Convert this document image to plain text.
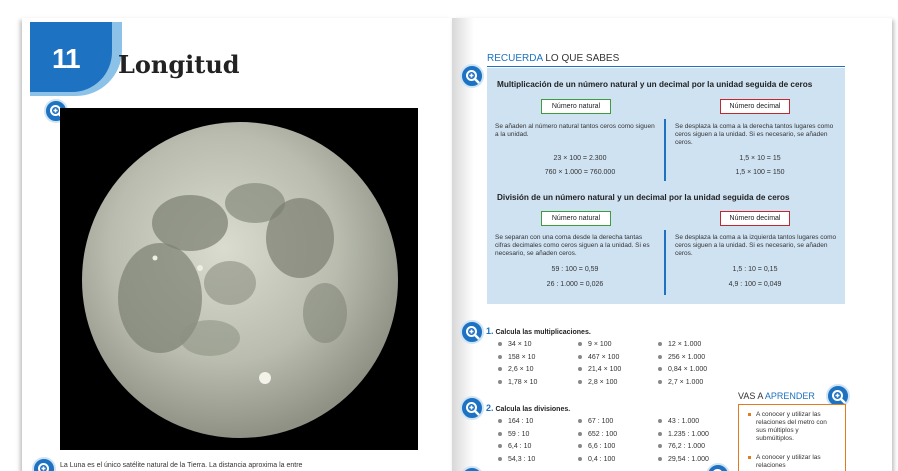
11 Longitud
La Luna es el único satélite natural de la Tierra. La distancia aproxima la entre
RECUERDA LO QUE SABES
Multiplicación de un número natural y un decimal por la unidad seguida de ceros
Número natural	Número decimal
Se añaden al número natural tantos ceros como siguen a la unidad.
Se desplaza la coma a la derecha tantos lugares como ceros siguen a la unidad. Si es necesario, se añaden ceros.
23 × 100 = 2.300
760 × 1.000 = 760.000
1,5 × 10 = 15
1,5 × 100 = 150
División de un número natural y un decimal por la unidad seguida de ceros
Número natural	Número decimal
Se separan con una coma desde la derecha tantas cifras decimales como ceros siguen a la unidad. Si es necesario, se añaden ceros.
Se desplaza la coma a la izquierda tantos lugares como ceros siguen a la unidad. Si es necesario, se añaden ceros.
59 : 100 = 0,59
26 : 1.000 = 0,026
1,5 : 10 = 0,15
4,9 : 100 = 0,049
1. Calcula las multiplicaciones.
34 × 10
158 × 10
2,6 × 10
1,78 × 10
9 × 100
467 × 100
21,4 × 100
2,8 × 100
12 × 1.000
256 × 1.000
0,84 × 1.000
2,7 × 1.000
2. Calcula las divisiones.
164 : 10
59 : 10
6,4 : 10
54,3 : 10
67 : 100
652 : 100
6,6 : 100
0,4 : 100
43 : 1.000
1.235 : 1.000
76,2 : 1.000
29,54 : 1.000
VAS A APRENDER
A conocer y utilizar las relaciones del metro con sus múltiplos y submúltiplos.
A conocer y utilizar las relaciones
